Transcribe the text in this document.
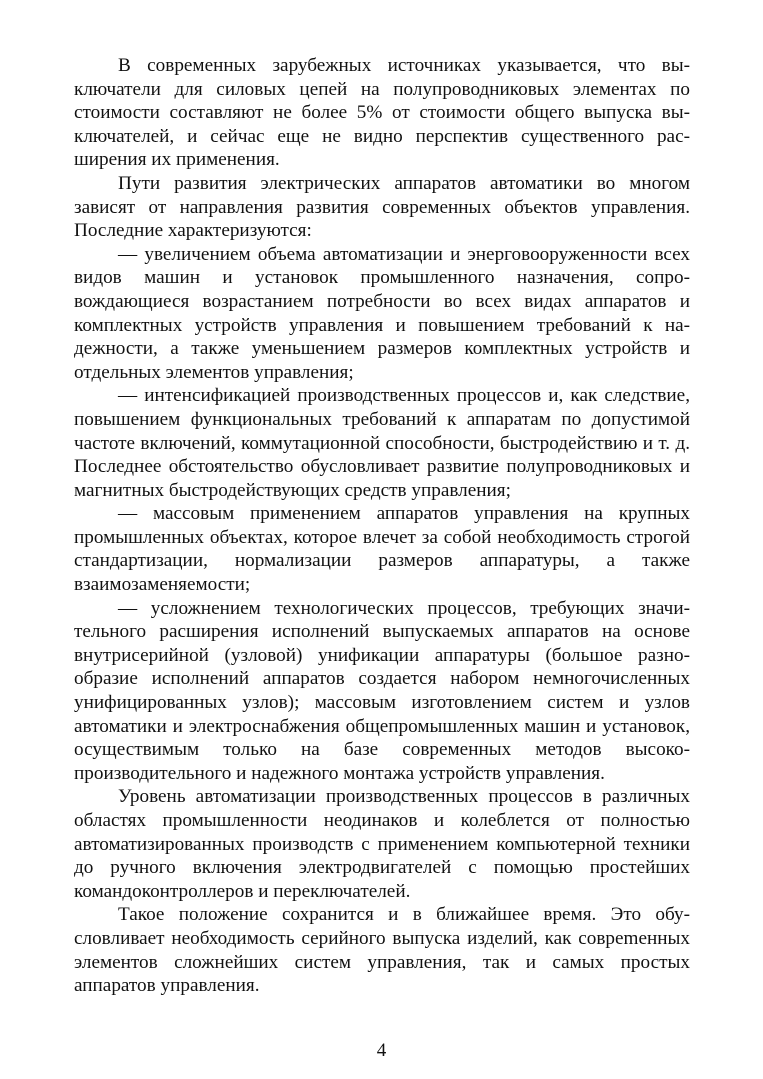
В современных зарубежных источниках указывается, что выключатели для силовых цепей на полупроводниковых элементах по стоимости составляют не более 5% от стоимости общего выпуска выключателей, и сейчас еще не видно перспектив существенного расширения их применения.

Пути развития электрических аппаратов автоматики во многом зависят от направления развития современных объектов управления. Последние характеризуются:

— увеличением объема автоматизации и энерговооруженности всех видов машин и установок промышленного назначения, сопровождающиеся возрастанием потребности во всех видах аппаратов и комплектных устройств управления и повышением требований к надежности, а также уменьшением размеров комплектных устройств и отдельных элементов управления;

— интенсификацией производственных процессов и, как следствие, повышением функциональных требований к аппаратам по допустимой частоте включений, коммутационной способности, быстродействию и т. д. Последнее обстоятельство обусловливает развитие полупроводниковых и магнитных быстродействующих средств управления;

— массовым применением аппаратов управления на крупных промышленных объектах, которое влечет за собой необходимость строгой стандартизации, нормализации размеров аппаратуры, а также взаимозаменяемости;

— усложнением технологических процессов, требующих значительного расширения исполнений выпускаемых аппаратов на основе внутрисерийной (узловой) унификации аппаратуры (большое разнообразие исполнений аппаратов создается набором немногочисленных унифицированных узлов); массовым изготовлением систем и узлов автоматики и электроснабжения общепромышленных машин и установок, осуществимым только на базе современных методов высокопроизводительного и надежного монтажа устройств управления.

Уровень автоматизации производственных процессов в различных областях промышленности неодинаков и колеблется от полностью автоматизированных производств с применением компьютерной техники до ручного включения электродвигателей с помощью простейших командоконтроллеров и переключателей.

Такое положение сохранится и в ближайшее время. Это обусловливает необходимость серийного выпуска изделий, как совреmенных элементов сложнейших систем управления, так и самых простых аппаратов управления.

4
